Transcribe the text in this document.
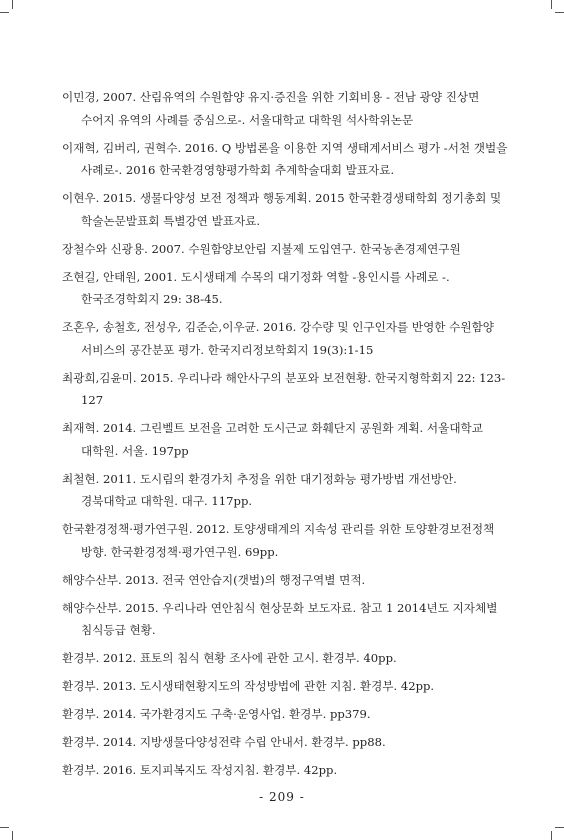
이민경, 2007. 산림유역의 수원함양 유지·증진을 위한 기회비용 - 전남 광양 진상면 수어지 유역의 사례를 중심으로-. 서울대학교 대학원 석사학위논문
이재혁, 김버리, 권혁수. 2016. Q 방법론을 이용한 지역 생태계서비스 평가 -서천 갯벌을 사례로-. 2016 한국환경영향평가학회 추계학술대회 발표자료.
이현우. 2015. 생물다양성 보전 정책과 행동계획. 2015 한국환경생태학회 정기총회 및 학술논문발표회 특별강연 발표자료.
장철수와 신광용. 2007. 수원함양보안림 지불제 도입연구. 한국농촌경제연구원
조현길, 안태원, 2001. 도시생태계 수목의 대기정화 역할 -용인시를 사례로 -. 한국조경학회지 29: 38-45.
조혼우, 송철호, 전성우, 김준순,이우균. 2016. 강수량 및 인구인자를 반영한 수원함양 서비스의 공간분포 평가. 한국지리정보학회지 19(3):1-15
최광희,김윤미. 2015. 우리나라 해안사구의 분포와 보전현황. 한국지형학회지 22: 123-127
최재혁. 2014. 그린벨트 보전을 고려한 도시근교 화훼단지 공원화 계획. 서울대학교 대학원. 서울. 197pp
최철현. 2011. 도시림의 환경가치 추정을 위한 대기정화능 평가방법 개선방안. 경북대학교 대학원. 대구. 117pp.
한국환경정책·평가연구원. 2012. 토양생태계의 지속성 관리를 위한 토양환경보전정책 방향. 한국환경정책·평가연구원. 69pp.
해양수산부. 2013. 전국 연안습지(갯벌)의 행정구역별 면적.
해양수산부. 2015. 우리나라 연안침식 현상문화 보도자료. 참고 1 2014년도 지자체별 침식등급 현황.
환경부. 2012. 표토의 침식 현황 조사에 관한 고시. 환경부. 40pp.
환경부. 2013. 도시생태현황지도의 작성방법에 관한 지침. 환경부. 42pp.
환경부. 2014. 국가환경지도 구축·운영사업. 환경부. pp379.
환경부. 2014. 지방생물다양성전략 수립 안내서. 환경부. pp88.
환경부. 2016. 토지피복지도 작성지침. 환경부. 42pp.
- 209 -
